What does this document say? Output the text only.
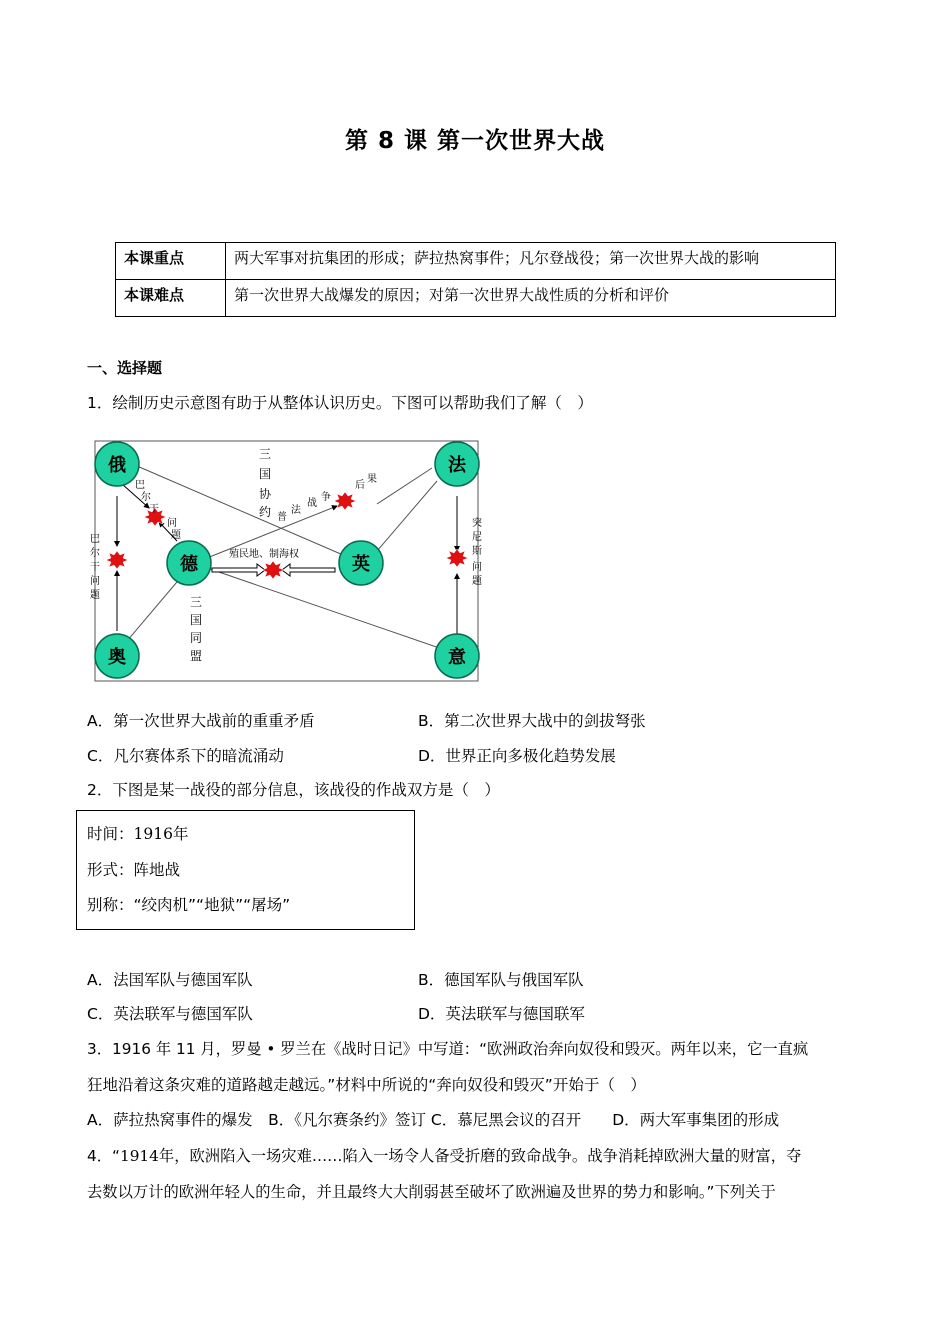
第 8 课 第一次世界大战
本课重点	两大军事对抗集团的形成；萨拉热窝事件；凡尔登战役；第一次世界大战的影响
本课难点	第一次世界大战爆发的原因；对第一次世界大战性质的分析和评价
一、选择题
1．绘制历史示意图有助于从整体认识历史。下图可以帮助我们了解（　）
俄	法
德	英
奥	意
巴尔干问题
巴尔干问题
三国协约 普法战争
后果
殖民地、制海权
三国同盟
突尼斯问题
A．第一次世界大战前的重重矛盾	B．第二次世界大战中的剑拔弩张
C．凡尔赛体系下的暗流涌动	D．世界正向多极化趋势发展
2．下图是某一战役的部分信息，该战役的作战双方是（　）
时间：1916年
形式：阵地战
别称：“绞肉机”“地狱”“屠场”
A．法国军队与德国军队	B．德国军队与俄国军队
C．英法联军与德国军队	D．英法联军与德国联军
3．1916 年 11 月，罗曼 • 罗兰在《战时日记》中写道：“欧洲政治奔向奴役和毁灭。两年以来，它一直疯
狂地沿着这条灾难的道路越走越远。”材料中所说的“奔向奴役和毁灭”开始于（　）
A．萨拉热窝事件的爆发　B．《凡尔赛条约》签订 C．慕尼黑会议的召开　　D．两大军事集团的形成
4．“1914年，欧洲陷入一场灾难……陷入一场令人备受折磨的致命战争。战争消耗掉欧洲大量的财富，夺
去数以万计的欧洲年轻人的生命，并且最终大大削弱甚至破坏了欧洲遍及世界的势力和影响。”下列关于
